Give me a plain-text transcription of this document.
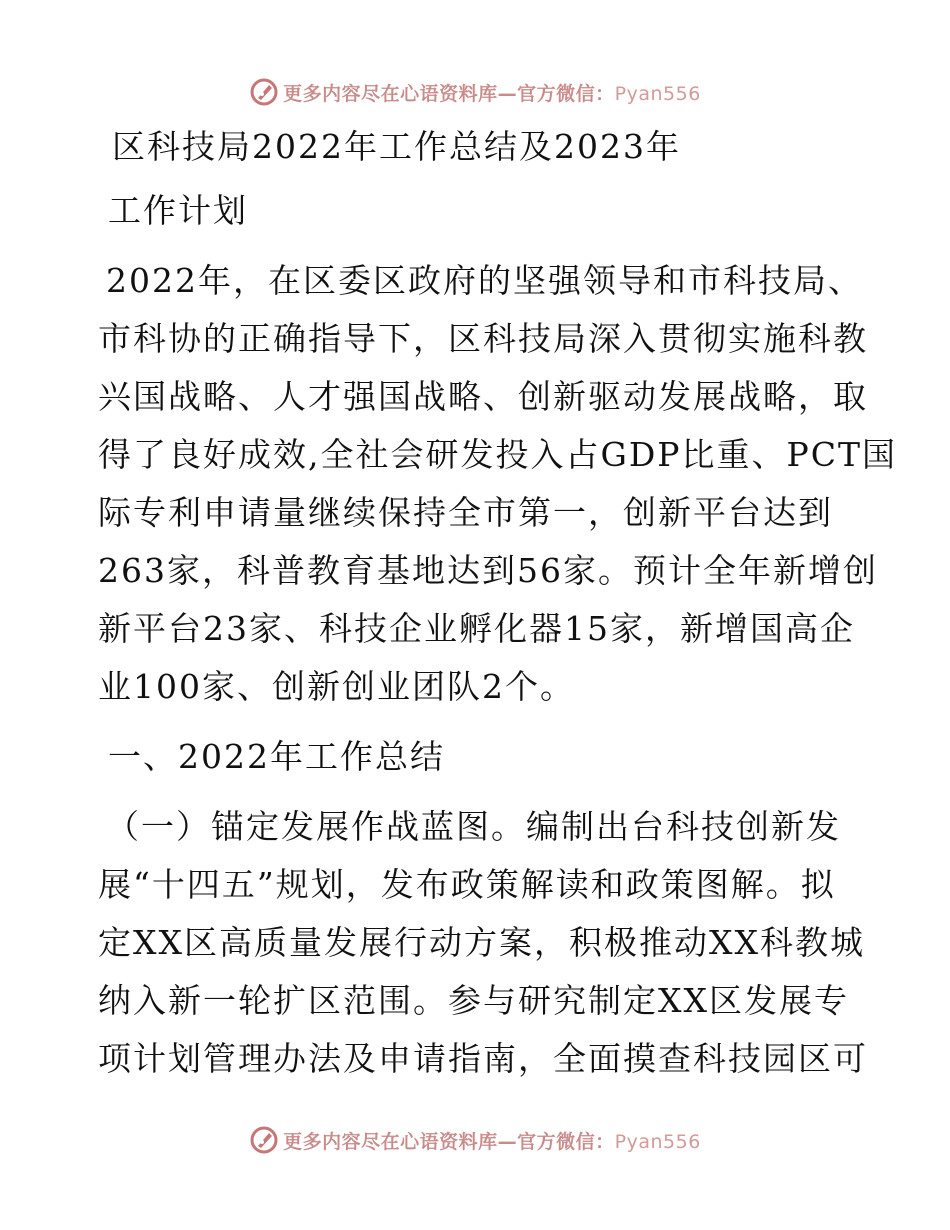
更多内容尽在心语资料库—官方微信：Pyan556
区科技局2022年工作总结及2023年
工作计划
2022年，在区委区政府的坚强领导和市科技局、
市科协的正确指导下，区科技局深入贯彻实施科教
兴国战略、人才强国战略、创新驱动发展战略，取
得了良好成效,全社会研发投入占GDP比重、PCT国
际专利申请量继续保持全市第一，创新平台达到
263家，科普教育基地达到56家。预计全年新增创
新平台23家、科技企业孵化器15家，新增国高企
业100家、创新创业团队2个。
一、2022年工作总结
（一）锚定发展作战蓝图。编制出台科技创新发
展“十四五”规划，发布政策解读和政策图解。拟
定XX区高质量发展行动方案，积极推动XX科教城
纳入新一轮扩区范围。参与研究制定XX区发展专
项计划管理办法及申请指南，全面摸查科技园区可
更多内容尽在心语资料库—官方微信：Pyan556
